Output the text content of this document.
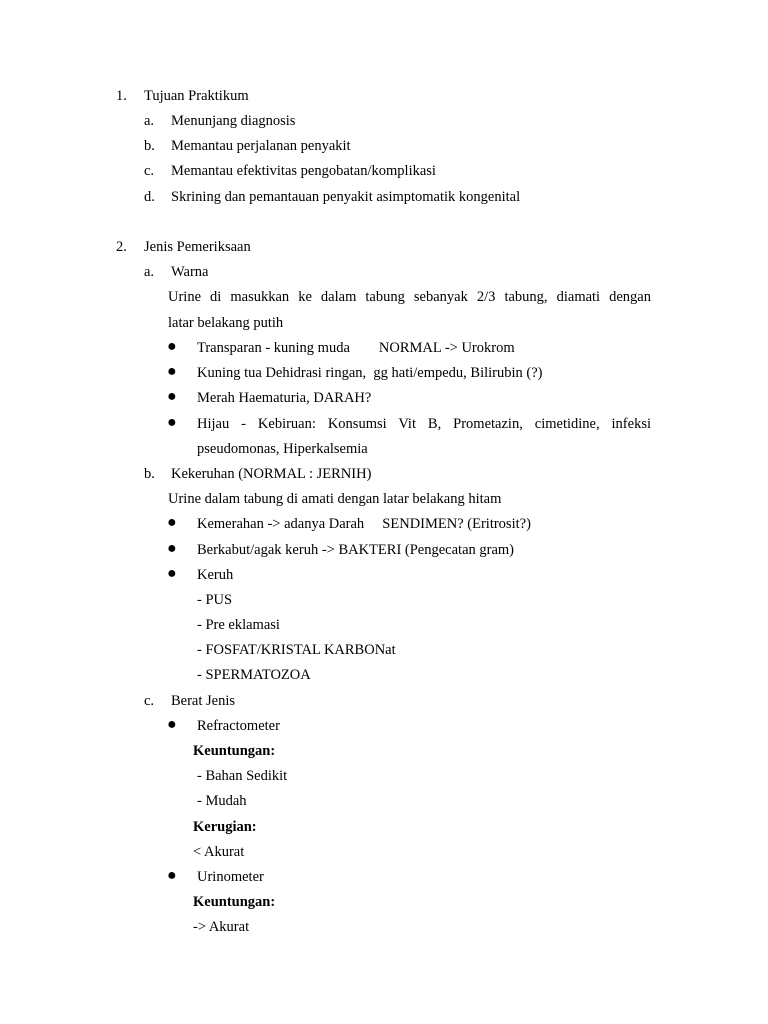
1. Tujuan Praktikum
a. Menunjang diagnosis
b. Memantau perjalanan penyakit
c. Memantau efektivitas pengobatan/komplikasi
d. Skrining dan pemantauan penyakit asimptomatik kongenital
2. Jenis Pemeriksaan
a. Warna
Urine di masukkan ke dalam tabung sebanyak 2/3 tabung, diamati dengan
latar belakang putih
● Transparan - kuning muda        NORMAL -> Urokrom
● Kuning tua Dehidrasi ringan,  gg hati/empedu, Bilirubin (?)
● Merah Haematuria, DARAH?
● Hijau - Kebiruan: Konsumsi Vit B, Prometazin, cimetidine, infeksi
pseudomonas, Hiperkalsemia
b. Kekeruhan (NORMAL : JERNIH)
Urine dalam tabung di amati dengan latar belakang hitam
● Kemerahan -> adanya Darah     SENDIMEN? (Eritrosit?)
● Berkabut/agak keruh -> BAKTERI (Pengecatan gram)
● Keruh
- PUS
- Pre eklamasi
- FOSFAT/KRISTAL KARBONat
- SPERMATOZOA
c. Berat Jenis
● Refractometer
Keuntungan:
- Bahan Sedikit
- Mudah
Kerugian:
< Akurat
● Urinometer
Keuntungan:
-> Akurat
